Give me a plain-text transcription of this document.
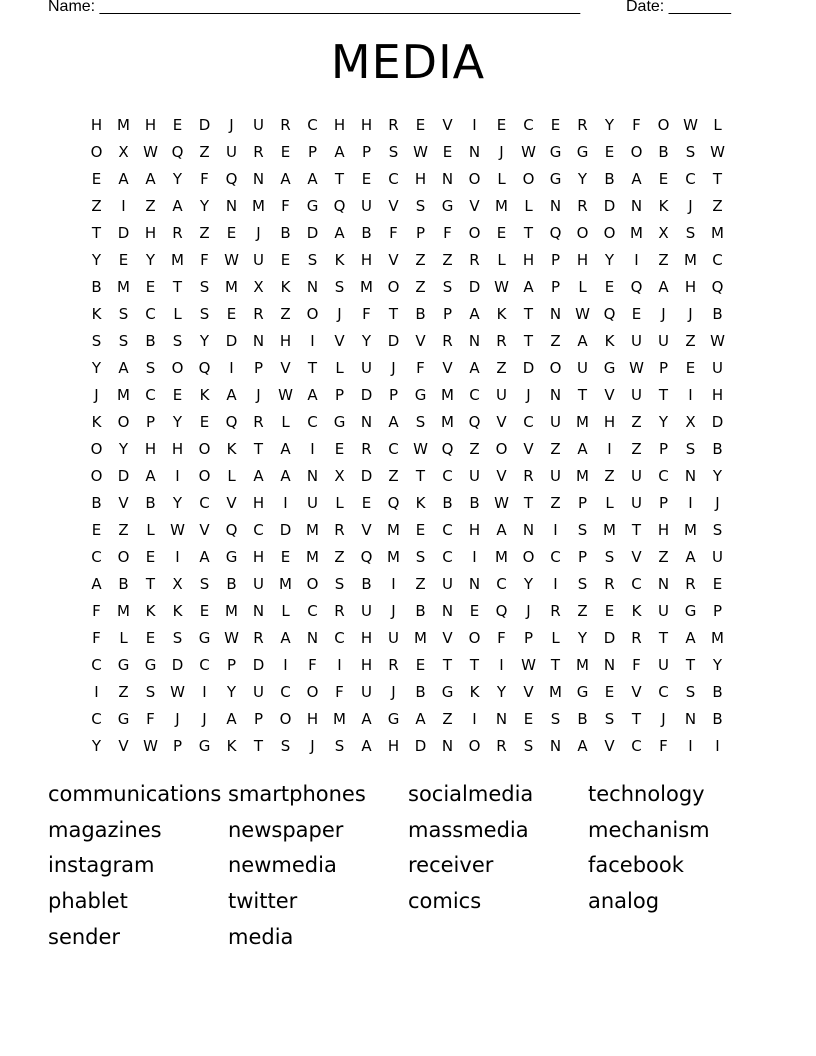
Name: ______________________________________________________	Date: _______
MEDIA
H M H	E	D	J	U	R	C	H	H	R	E	V	I	E	C	E	R	Y	F	O W	L
O	X W Q	Z	U	R	E	P	A	P	S W E	N	J	W G	G	E	O	B	S W
E	A	A	Y	F	Q	N	A	A	T	E	C	H	N	O	L	O	G	Y	B	A	E	C	T
Z	I	Z	A	Y	N M	F	G	Q	U	V	S	G	V	M	L	N	R	D	N	K	J	Z
T	D	H	R	Z	E	J	B	D	A	B	F	P	F	O	E	T	Q	O	O M	X	S	M
Y	E	Y	M	F	W U	E	S	K	H	V	Z	Z	R	L	H	P	H	Y	I	Z	M	C
B	M	E	T	S	M	X	K	N	S	M O	Z	S	D W A	P	L	E	Q	A	H	Q
K	S	C	L	S	E	R	Z	O	J	F	T	B	P	A	K	T	N W Q	E	J	J	B
S	S	B	S	Y	D	N	H	I	V	Y	D	V	R	N	R	T	Z	A	K	U	U	Z W
Y	A	S	O	Q	I	P	V	T	L	U	J	F	V	A	Z	D	O	U	G W	P	E	U
J	M	C	E	K	A	J	W A	P	D	P	G M	C	U	J	N	T	V	U	T	I	H
K	O	P	Y	E	Q	R	L	C	G	N	A	S	M Q	V	C	U	M H	Z	Y	X	D
O	Y	H	H	O	K	T	A	I	E	R	C W Q	Z	O	V	Z	A	I	Z	P	S	B
O	D	A	I	O	L	A	A	N	X	D	Z	T	C	U	V	R	U	M	Z	U	C	N	Y
B	V	B	Y	C	V	H	I	U	L	E	Q	K	B	B W T	Z	P	L	U	P	I	J
E	Z	L	W V	Q	C	D M	R	V	M	E	C	H	A	N	I	S	M	T	H M	S
C	O	E	I	A	G	H	E	M	Z	Q M	S	C	I	M O	C	P	S	V	Z	A	U
A	B	T	X	S	B	U	M O	S	B	I	Z	U	N	C	Y	I	S	R	C	N	R	E
F	M	K	K	E	M N	L	C	R	U	J	B	N	E	Q	J	R	Z	E	K	U	G	P
F	L	E	S	G W R	A	N	C	H	U	M	V	O	F	P	L	Y	D	R	T	A	M
C	G	G	D	C	P	D	I	F	I	H	R	E	T	T	I	W T	M N	F	U	T	Y
I	Z	S W	I	Y	U	C	O	F	U	J	B	G	K	Y	V	M G	E	V	C	S	B
C	G	F	J	J	A	P	O	H M	A	G	A	Z	I	N	E	S	B	S	T	J	N	B
Y	V W	P	G	K	T	S	J	S	A	H	D	N	O	R	S	N	A	V	C	F	I	I
communications smartphones	socialmedia	technology
magazines	newspaper	massmedia	mechanism
instagram	newmedia	receiver	facebook
phablet	twitter	comics	analog
sender	media
